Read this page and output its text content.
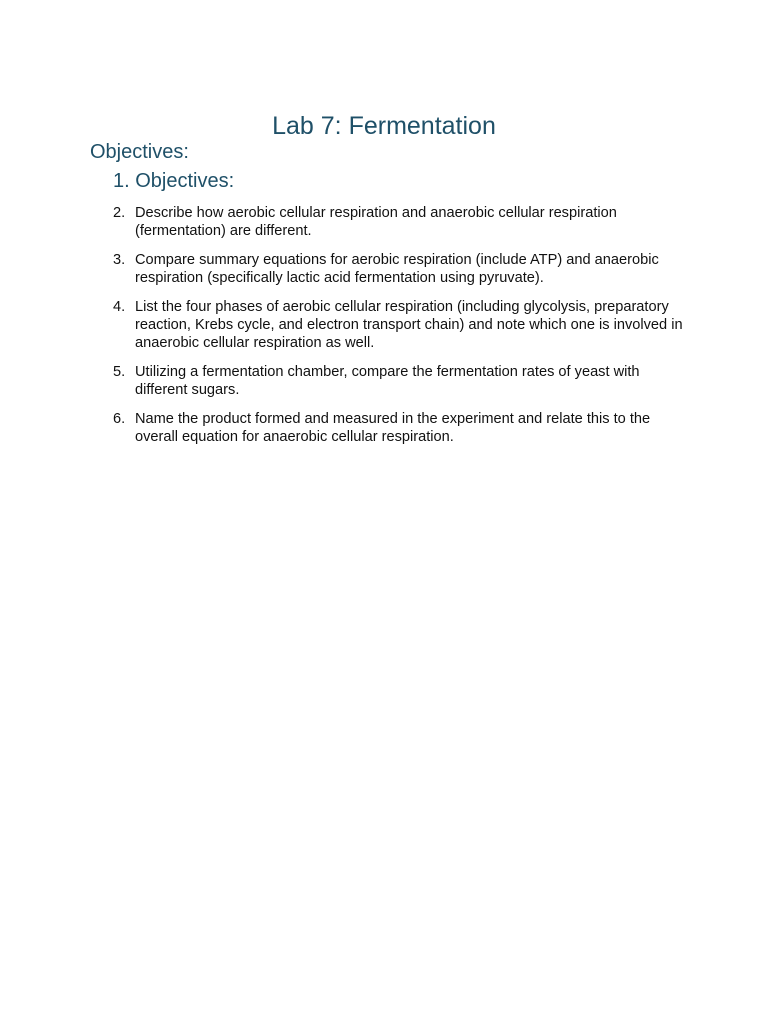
Lab 7: Fermentation
Objectives:
1. Objectives:
2. Describe how aerobic cellular respiration and anaerobic cellular respiration (fermentation) are different.
3. Compare summary equations for aerobic respiration (include ATP) and anaerobic respiration (specifically lactic acid fermentation using pyruvate).
4. List the four phases of aerobic cellular respiration (including glycolysis, preparatory reaction, Krebs cycle, and electron transport chain) and note which one is involved in anaerobic cellular respiration as well.
5. Utilizing a fermentation chamber, compare the fermentation rates of yeast with different sugars.
6. Name the product formed and measured in the experiment and relate this to the overall equation for anaerobic cellular respiration.
